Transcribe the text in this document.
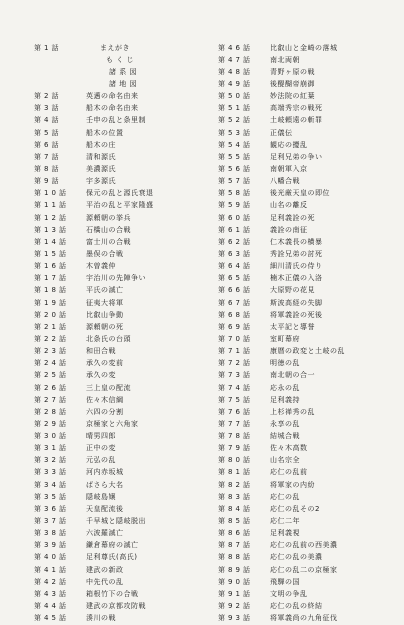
第 1 話	まえがき
も く じ
諸 系 図
諸 地 図
第 2 話	英邁の命名由来
第 3 話	船木の命名由来
第 4 話	壬申の乱と条里制
第 5 話	船木の位置
第 6 話	船木の庄
第 7 話	清和源氏
第 8 話	美濃源氏
第 9 話	宇多源氏
第 1 0 話	保元の乱と源氏衰退
第 1 1 話	平治の乱と平家隆盛
第 1 2 話	源頼朝の挙兵
第 1 3 話	石橋山の合戦
第 1 4 話	富士川の合戦
第 1 5 話	墨俣の合戦
第 1 6 話	木曽義仲
第 1 7 話	宇治川の先陣争い
第 1 8 話	平氏の滅亡
第 1 9 話	征夷大将軍
第 2 0 話	比叡山争動
第 2 1 話	源頼朝の死
第 2 2 話	北条氏の台頭
第 2 3 話	和田合戦
第 2 4 話	承久の変前
第 2 5 話	承久の変
第 2 6 話	三上皇の配流
第 2 7 話	佐々木信綱
第 2 8 話	六四の分割
第 2 9 話	京極家と六角家
第 3 0 話	晴男四郎
第 3 1 話	正中の変
第 3 2 話	元弘の乱
第 3 3 話	河内赤坂城
第 3 4 話	ばさら大名
第 3 5 話	隠岐島嬢
第 3 6 話	天皇配流後
第 3 7 話	千早城と隠岐脱出
第 3 8 話	六波羅滅亡
第 3 9 話	鎌倉幕府の滅亡
第 4 0 話	足利尊氏(高氏)
第 4 1 話	建武の新政
第 4 2 話	中先代の乱
第 4 3 話	箱根竹下の合戦
第 4 4 話	建武の京都攻防戦
第 4 5 話	湊川の戦
第 4 6 話	比叡山と金崎の落城
第 4 7 話	南北両朝
第 4 8 話	青野ヶ原の戦
第 4 9 話	後醍醐帝崩御
第 5 0 話	妙法院の紅葉
第 5 1 話	高端秀宗の戦死
第 5 2 話	土岐頼遠の斬罪
第 5 3 話	正儀伝
第 5 4 話	観応の擾乱
第 5 5 話	足利兄弟の争い
第 5 6 話	南朝軍入京
第 5 7 話	八幡合戦
第 5 8 話	後光厳天皇の即位
第 5 9 話	山名の離反
第 6 0 話	足利義詮の死
第 6 1 話	義詮の南征
第 6 2 話	仁木義長の横暴
第 6 3 話	秀詮兄弟の討死
第 6 4 話	細川清氏の侍り
第 6 5 話	楠木正儀の入洛
第 6 6 話	大原野の花見
第 6 7 話	斯波高経の失脚
第 6 8 話	将軍義詮の死後
第 6 9 話	太平記と導誉
第 7 0 話	室町幕府
第 7 1 話	康暦の政変と土岐の乱
第 7 2 話	明徳の乱
第 7 3 話	南北朝の合一
第 7 4 話	応永の乱
第 7 5 話	足利義持
第 7 6 話	上杉禅秀の乱
第 7 7 話	永享の乱
第 7 8 話	結城合戦
第 7 9 話	佐々木高数
第 8 0 話	山名宗全
第 8 1 話	応仁の乱前
第 8 2 話	将軍家の内紛
第 8 3 話	応仁の乱
第 8 4 話	応仁の乱その2
第 8 5 話	応仁二年
第 8 6 話	足利義視
第 8 7 話	応仁の乱前の西美濃
第 8 8 話	応仁の乱の美濃
第 8 9 話	応仁の乱二の京極家
第 9 0 話	飛騨の国
第 9 1 話	文明の争乱
第 9 2 話	応仁の乱の終結
第 9 3 話	将軍義尚の九角征伐
